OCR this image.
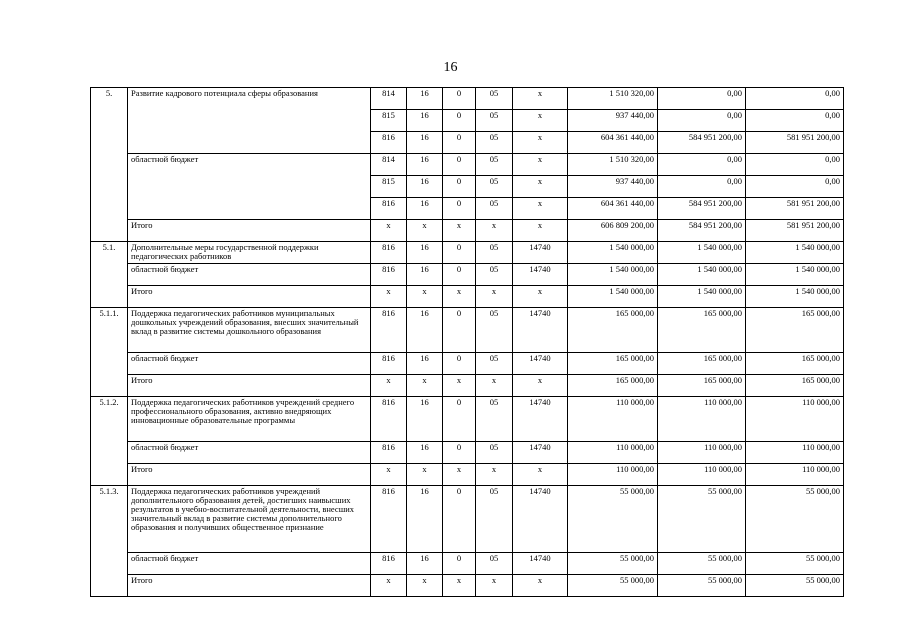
16
5.	Развитие кадрового потенциала сферы образования	814	16	0	05	x	1 510 320,00	0,00	0,00
		815	16	0	05	x	937 440,00	0,00	0,00
		816	16	0	05	x	604 361 440,00	584 951 200,00	581 951 200,00
	областной бюджет	814	16	0	05	x	1 510 320,00	0,00	0,00
		815	16	0	05	x	937 440,00	0,00	0,00
		816	16	0	05	x	604 361 440,00	584 951 200,00	581 951 200,00
	Итого	x	x	x	x	x	606 809 200,00	584 951 200,00	581 951 200,00
5.1.	Дополнительные меры государственной поддержки педагогических работников	816	16	0	05	14740	1 540 000,00	1 540 000,00	1 540 000,00
	областной бюджет	816	16	0	05	14740	1 540 000,00	1 540 000,00	1 540 000,00
	Итого	x	x	x	x	x	1 540 000,00	1 540 000,00	1 540 000,00
5.1.1.	Поддержка педагогических работников муниципальных дошкольных учреждений образования, внесших значительный вклад в развитие системы дошкольного образования	816	16	0	05	14740	165 000,00	165 000,00	165 000,00
	областной бюджет	816	16	0	05	14740	165 000,00	165 000,00	165 000,00
	Итого	x	x	x	x	x	165 000,00	165 000,00	165 000,00
5.1.2.	Поддержка педагогических работников учреждений среднего профессионального образования, активно внедряющих инновационные образовательные программы	816	16	0	05	14740	110 000,00	110 000,00	110 000,00
	областной бюджет	816	16	0	05	14740	110 000,00	110 000,00	110 000,00
	Итого	x	x	x	x	x	110 000,00	110 000,00	110 000,00
5.1.3.	Поддержка педагогических работников учреждений дополнительного образования детей, достигших наивысших результатов в учебно-воспитательной деятельности, внесших значительный вклад в развитие системы дополнительного образования и получивших общественное признание	816	16	0	05	14740	55 000,00	55 000,00	55 000,00
	областной бюджет	816	16	0	05	14740	55 000,00	55 000,00	55 000,00
	Итого	x	x	x	x	x	55 000,00	55 000,00	55 000,00
